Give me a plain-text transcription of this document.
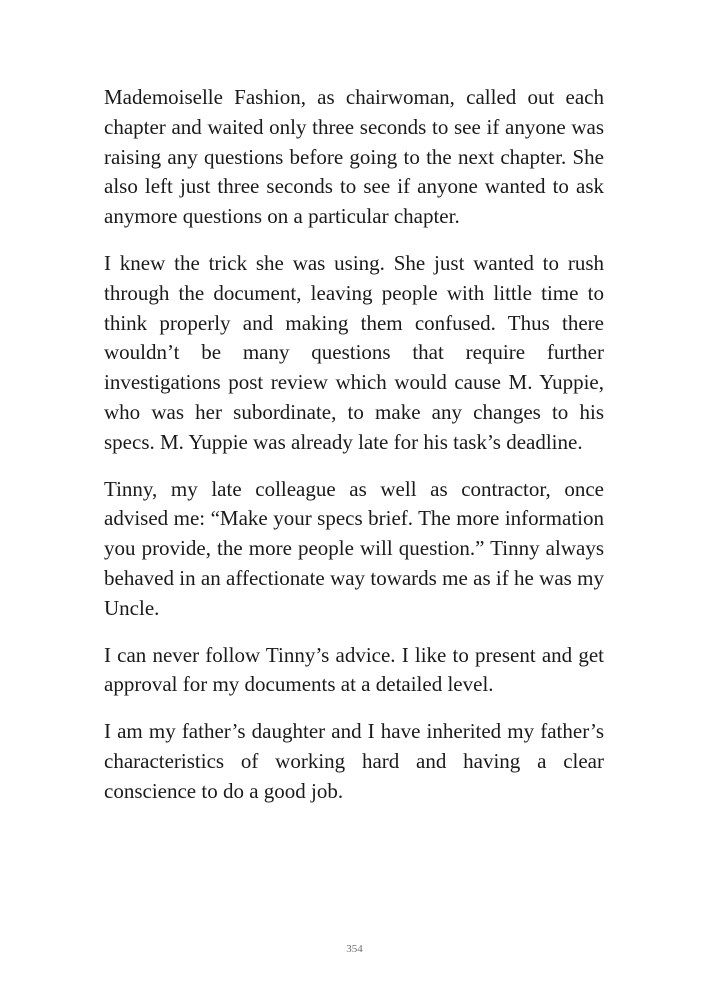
Mademoiselle Fashion, as chairwoman, called out each chapter and waited only three seconds to see if anyone was raising any questions before going to the next chapter. She also left just three seconds to see if anyone wanted to ask anymore questions on a particular chapter.

I knew the trick she was using. She just wanted to rush through the document, leaving people with little time to think properly and making them confused. Thus there wouldn’t be many questions that require further investigations post review which would cause M. Yuppie, who was her subordinate, to make any changes to his specs. M. Yuppie was already late for his task’s deadline.

Tinny, my late colleague as well as contractor, once advised me: “Make your specs brief. The more information you provide, the more people will question.” Tinny always behaved in an affectionate way towards me as if he was my Uncle.

I can never follow Tinny’s advice. I like to present and get approval for my documents at a detailed level.

I am my father’s daughter and I have inherited my father’s characteristics of working hard and having a clear conscience to do a good job.

354
